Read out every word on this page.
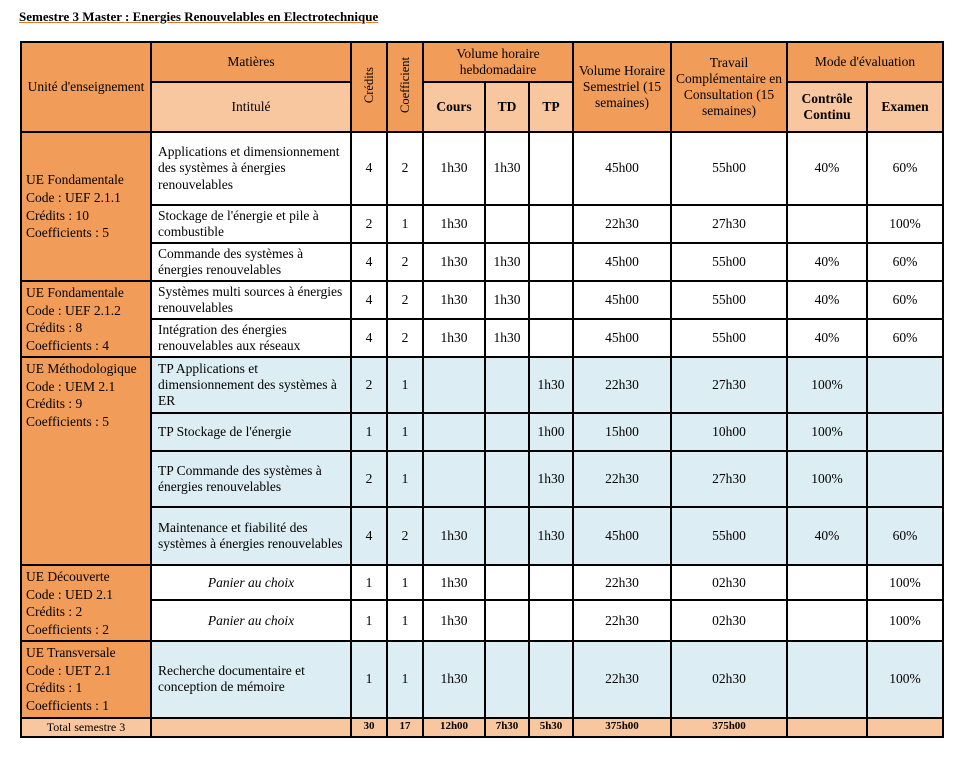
Semestre 3 Master : Energies Renouvelables en Electrotechnique
Unité d'enseignement	Matières	Crédits	Coefficient	Volume horaire hebdomadaire			Volume Horaire Semestriel (15 semaines)	Travail Complémentaire en Consultation (15 semaines)	Mode d'évaluation	
	Intitulé			Cours	TD	TP			Contrôle Continu	Examen

UE Fondamentale
Code : UEF 2.1.1
Crédits : 10
Coefficients : 5	Applications et dimensionnement des systèmes à énergies renouvelables	4	2	1h30	1h30		45h00	55h00	40%	60%
	Stockage de l'énergie et pile à combustible	2	1	1h30			22h30	27h30		100%
	Commande des systèmes à énergies renouvelables	4	2	1h30	1h30		45h00	55h00	40%	60%

UE Fondamentale
Code : UEF 2.1.2
Crédits : 8
Coefficients : 4	Systèmes multi sources à énergies renouvelables	4	2	1h30	1h30		45h00	55h00	40%	60%
	Intégration des énergies renouvelables aux réseaux	4	2	1h30	1h30		45h00	55h00	40%	60%

UE Méthodologique
Code : UEM 2.1
Crédits : 9
Coefficients : 5	TP Applications et dimensionnement des systèmes à ER	2	1			1h30	22h30	27h30	100%	
	TP Stockage de l'énergie	1	1			1h00	15h00	10h00	100%	
	TP Commande des systèmes à énergies renouvelables	2	1			1h30	22h30	27h30	100%	
	Maintenance et fiabilité des systèmes à énergies renouvelables	4	2	1h30		1h30	45h00	55h00	40%	60%

UE Découverte
Code : UED 2.1
Crédits : 2
Coefficients : 2	Panier au choix	1	1	1h30			22h30	02h30		100%
	Panier au choix	1	1	1h30			22h30	02h30		100%

UE Transversale
Code : UET 2.1
Crédits : 1
Coefficients : 1	Recherche documentaire et conception de mémoire	1	1	1h30			22h30	02h30		100%
Total semestre 3		30	17	12h00	7h30	5h30	375h00	375h00		
